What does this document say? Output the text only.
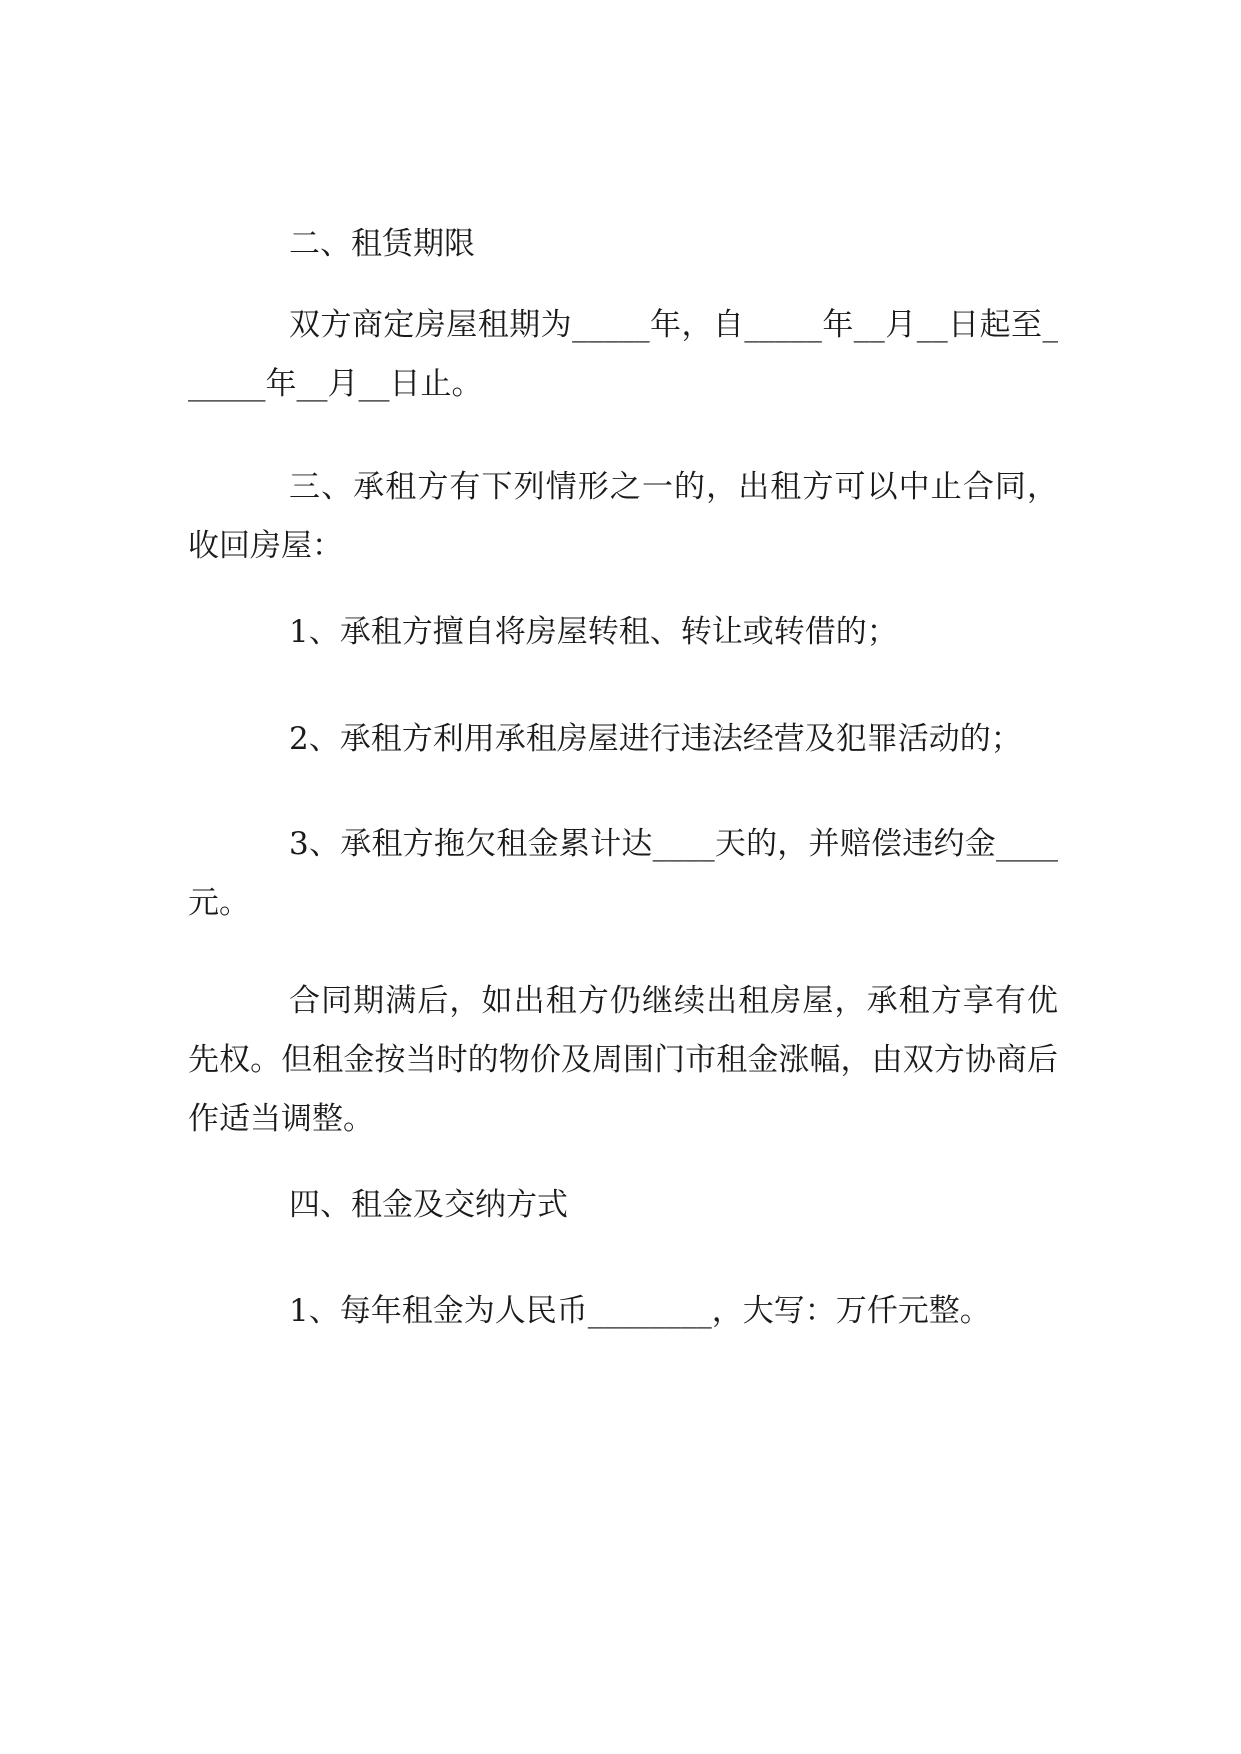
二、租赁期限

双方商定房屋租期为_____年，自_____年__月__日起至______年__月__日止。

三、承租方有下列情形之一的，出租方可以中止合同，收回房屋：

1、承租方擅自将房屋转租、转让或转借的；

2、承租方利用承租房屋进行违法经营及犯罪活动的；

3、承租方拖欠租金累计达____天的，并赔偿违约金____元。

合同期满后，如出租方仍继续出租房屋，承租方享有优先权。但租金按当时的物价及周围门市租金涨幅，由双方协商后作适当调整。

四、租金及交纳方式

1、每年租金为人民币________，大写：万仟元整。
